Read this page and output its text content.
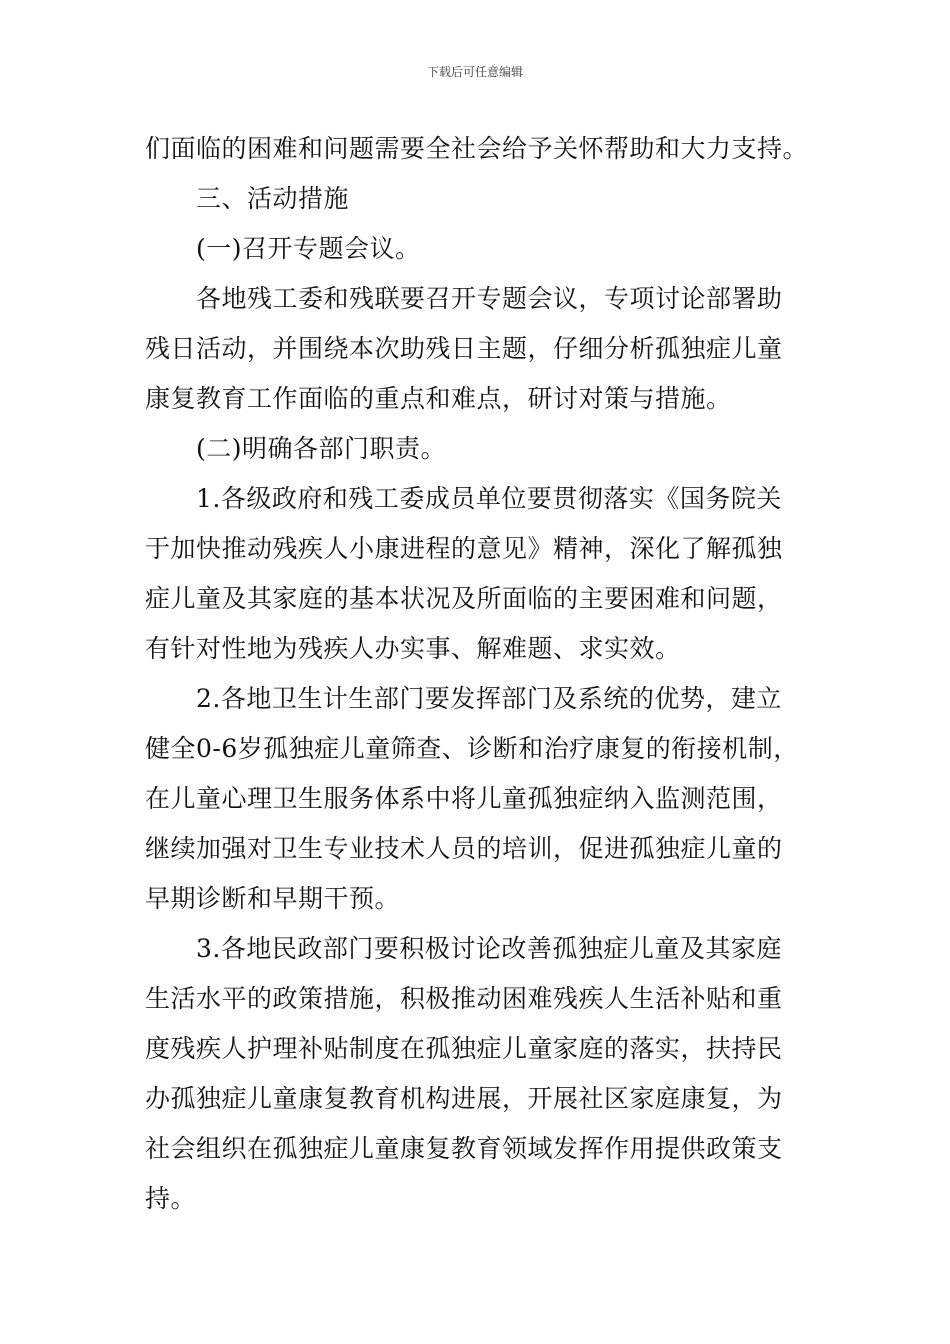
下载后可任意编辑
们面临的困难和问题需要全社会给予关怀帮助和大力支持。
三、活动措施
(一)召开专题会议。
各地残工委和残联要召开专题会议，专项讨论部署助
残日活动，并围绕本次助残日主题，仔细分析孤独症儿童
康复教育工作面临的重点和难点，研讨对策与措施。
(二)明确各部门职责。
1.各级政府和残工委成员单位要贯彻落实《国务院关
于加快推动残疾人小康进程的意见》精神，深化了解孤独
症儿童及其家庭的基本状况及所面临的主要困难和问题，
有针对性地为残疾人办实事、解难题、求实效。
2.各地卫生计生部门要发挥部门及系统的优势，建立
健全0-6岁孤独症儿童筛查、诊断和治疗康复的衔接机制，
在儿童心理卫生服务体系中将儿童孤独症纳入监测范围，
继续加强对卫生专业技术人员的培训，促进孤独症儿童的
早期诊断和早期干预。
3.各地民政部门要积极讨论改善孤独症儿童及其家庭
生活水平的政策措施，积极推动困难残疾人生活补贴和重
度残疾人护理补贴制度在孤独症儿童家庭的落实，扶持民
办孤独症儿童康复教育机构进展，开展社区家庭康复，为
社会组织在孤独症儿童康复教育领域发挥作用提供政策支
持。
